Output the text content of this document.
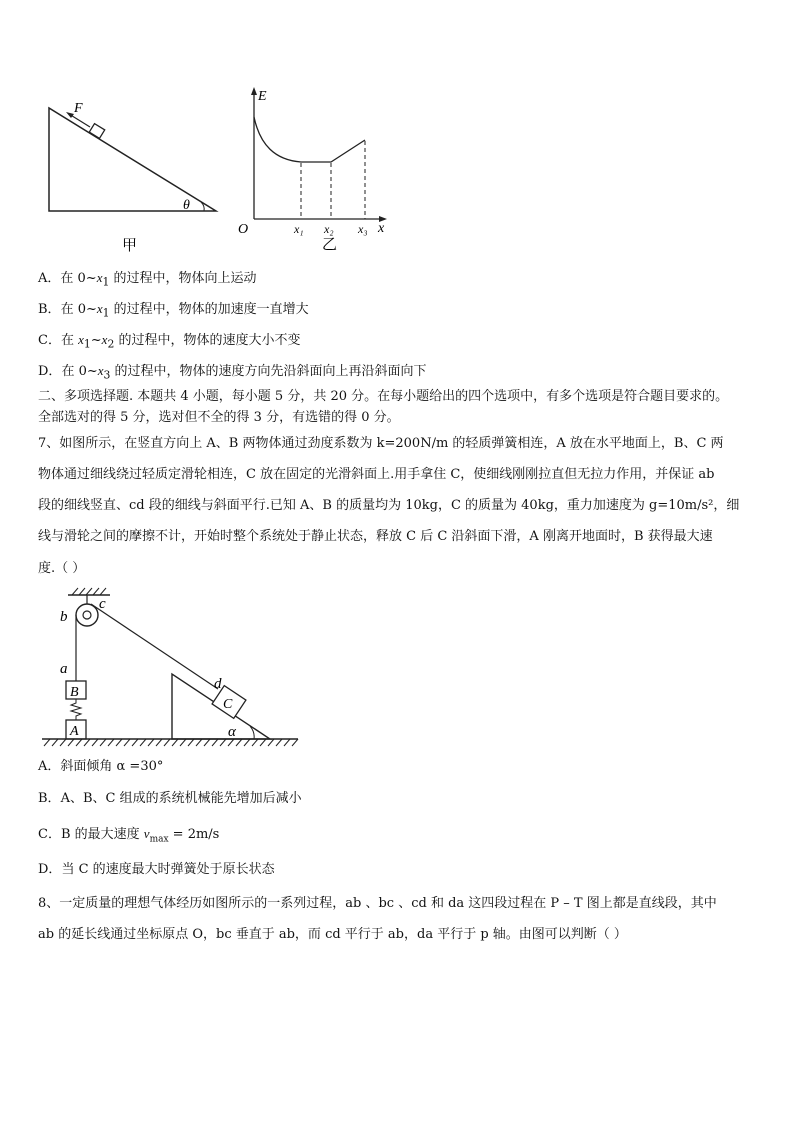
F
θ
甲
E
x
O	x₁ x₂ x₃
乙
A．在 $0\sim x_1$ 的过程中，物体向上运动
B．在 $0\sim x_1$ 的过程中，物体的加速度一直增大
C．在 $x_1\sim x_2$ 的过程中，物体的速度大小不变
D．在 $0\sim x_3$ 的过程中，物体的速度方向先沿斜面向上再沿斜面向下
二、多项选择题. 本题共 4 小题，每小题 5 分，共 20 分。在每小题给出的四个选项中，有多个选项是符合题目要求的。
全部选对的得 5 分，选对但不全的得 3 分，有选错的得 0 分。
7、如图所示，在竖直方向上 A、B 两物体通过劲度系数为 k=200N/m 的轻质弹簧相连，A 放在水平地面上，B、C 两
物体通过细线绕过轻质定滑轮相连，C 放在固定的光滑斜面上.用手拿住 C，使细线刚刚拉直但无拉力作用，并保证 ab
段的细线竖直、cd 段的细线与斜面平行.已知 A、B 的质量均为 10kg，C 的质量为 40kg，重力加速度为 g=10m/s²，细
线与滑轮之间的摩擦不计，开始时整个系统处于静止状态，释放 C 后 C 沿斜面下滑，A 刚离开地面时，B 获得最大速
度.（ ）
c
b
a
B
A
d
C
α
A．斜面倾角 α =30°
B．A、B、C 组成的系统机械能先增加后减小
C．B 的最大速度 $v_{max} = 2m/s$
D．当 C 的速度最大时弹簧处于原长状态
8、一定质量的理想气体经历如图所示的一系列过程，ab 、bc 、cd 和 da 这四段过程在 P – T 图上都是直线段，其中
ab 的延长线通过坐标原点 O，bc 垂直于 ab，而 cd 平行于 ab，da 平行于 p 轴。由图可以判断（ ）
